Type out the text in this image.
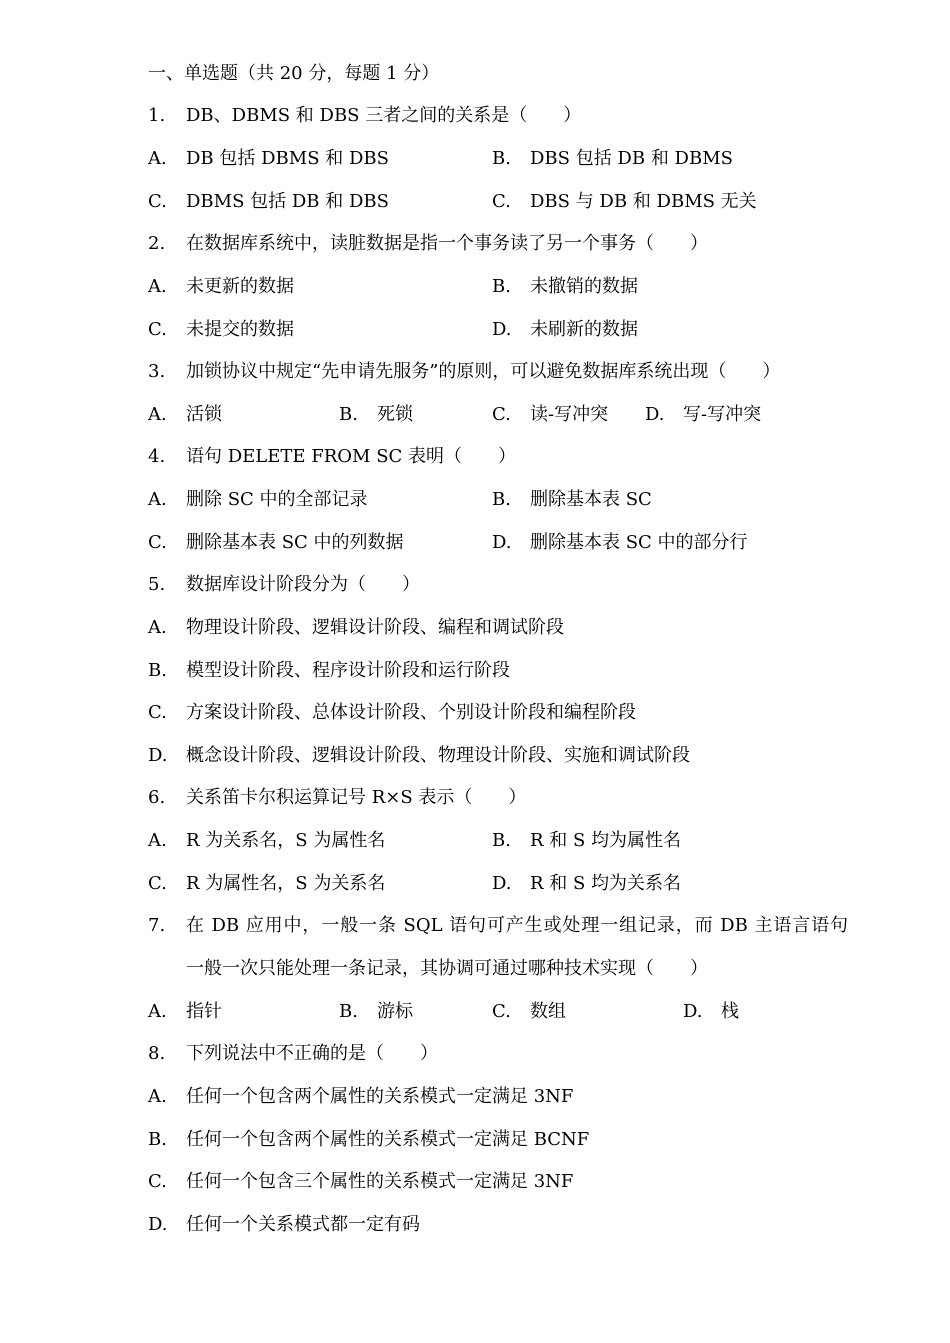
一、单选题（共 20 分，每题 1 分）
1. DB、DBMS 和 DBS 三者之间的关系是（　　）
A. DB 包括 DBMS 和 DBS	B. DBS 包括 DB 和 DBMS
C. DBMS 包括 DB 和 DBS	C. DBS 与 DB 和 DBMS 无关
2. 在数据库系统中，读脏数据是指一个事务读了另一个事务（　　）
A. 未更新的数据	B. 未撤销的数据
C. 未提交的数据	D. 未刷新的数据
3. 加锁协议中规定“先申请先服务”的原则，可以避免数据库系统出现（　　）
A. 活锁	B. 死锁	C. 读-写冲突 D. 写-写冲突
4. 语句 DELETE FROM SC 表明（　　）
A. 删除 SC 中的全部记录	B. 删除基本表 SC
C. 删除基本表 SC 中的列数据	D. 删除基本表 SC 中的部分行
5. 数据库设计阶段分为（　　）
A. 物理设计阶段、逻辑设计阶段、编程和调试阶段
B. 模型设计阶段、程序设计阶段和运行阶段
C. 方案设计阶段、总体设计阶段、个别设计阶段和编程阶段
D. 概念设计阶段、逻辑设计阶段、物理设计阶段、实施和调试阶段
6. 关系笛卡尔积运算记号 R×S 表示（　　）
A. R 为关系名，S 为属性名	B. R 和 S 均为属性名
C. R 为属性名，S 为关系名	D. R 和 S 均为关系名
7. 在 DB 应用中，一般一条 SQL 语句可产生或处理一组记录，而 DB 主语言语句
一般一次只能处理一条记录，其协调可通过哪种技术实现（　　）
A. 指针	B. 游标	C. 数组	D. 栈
8. 下列说法中不正确的是（　　）
A. 任何一个包含两个属性的关系模式一定满足 3NF
B. 任何一个包含两个属性的关系模式一定满足 BCNF
C. 任何一个包含三个属性的关系模式一定满足 3NF
D. 任何一个关系模式都一定有码
